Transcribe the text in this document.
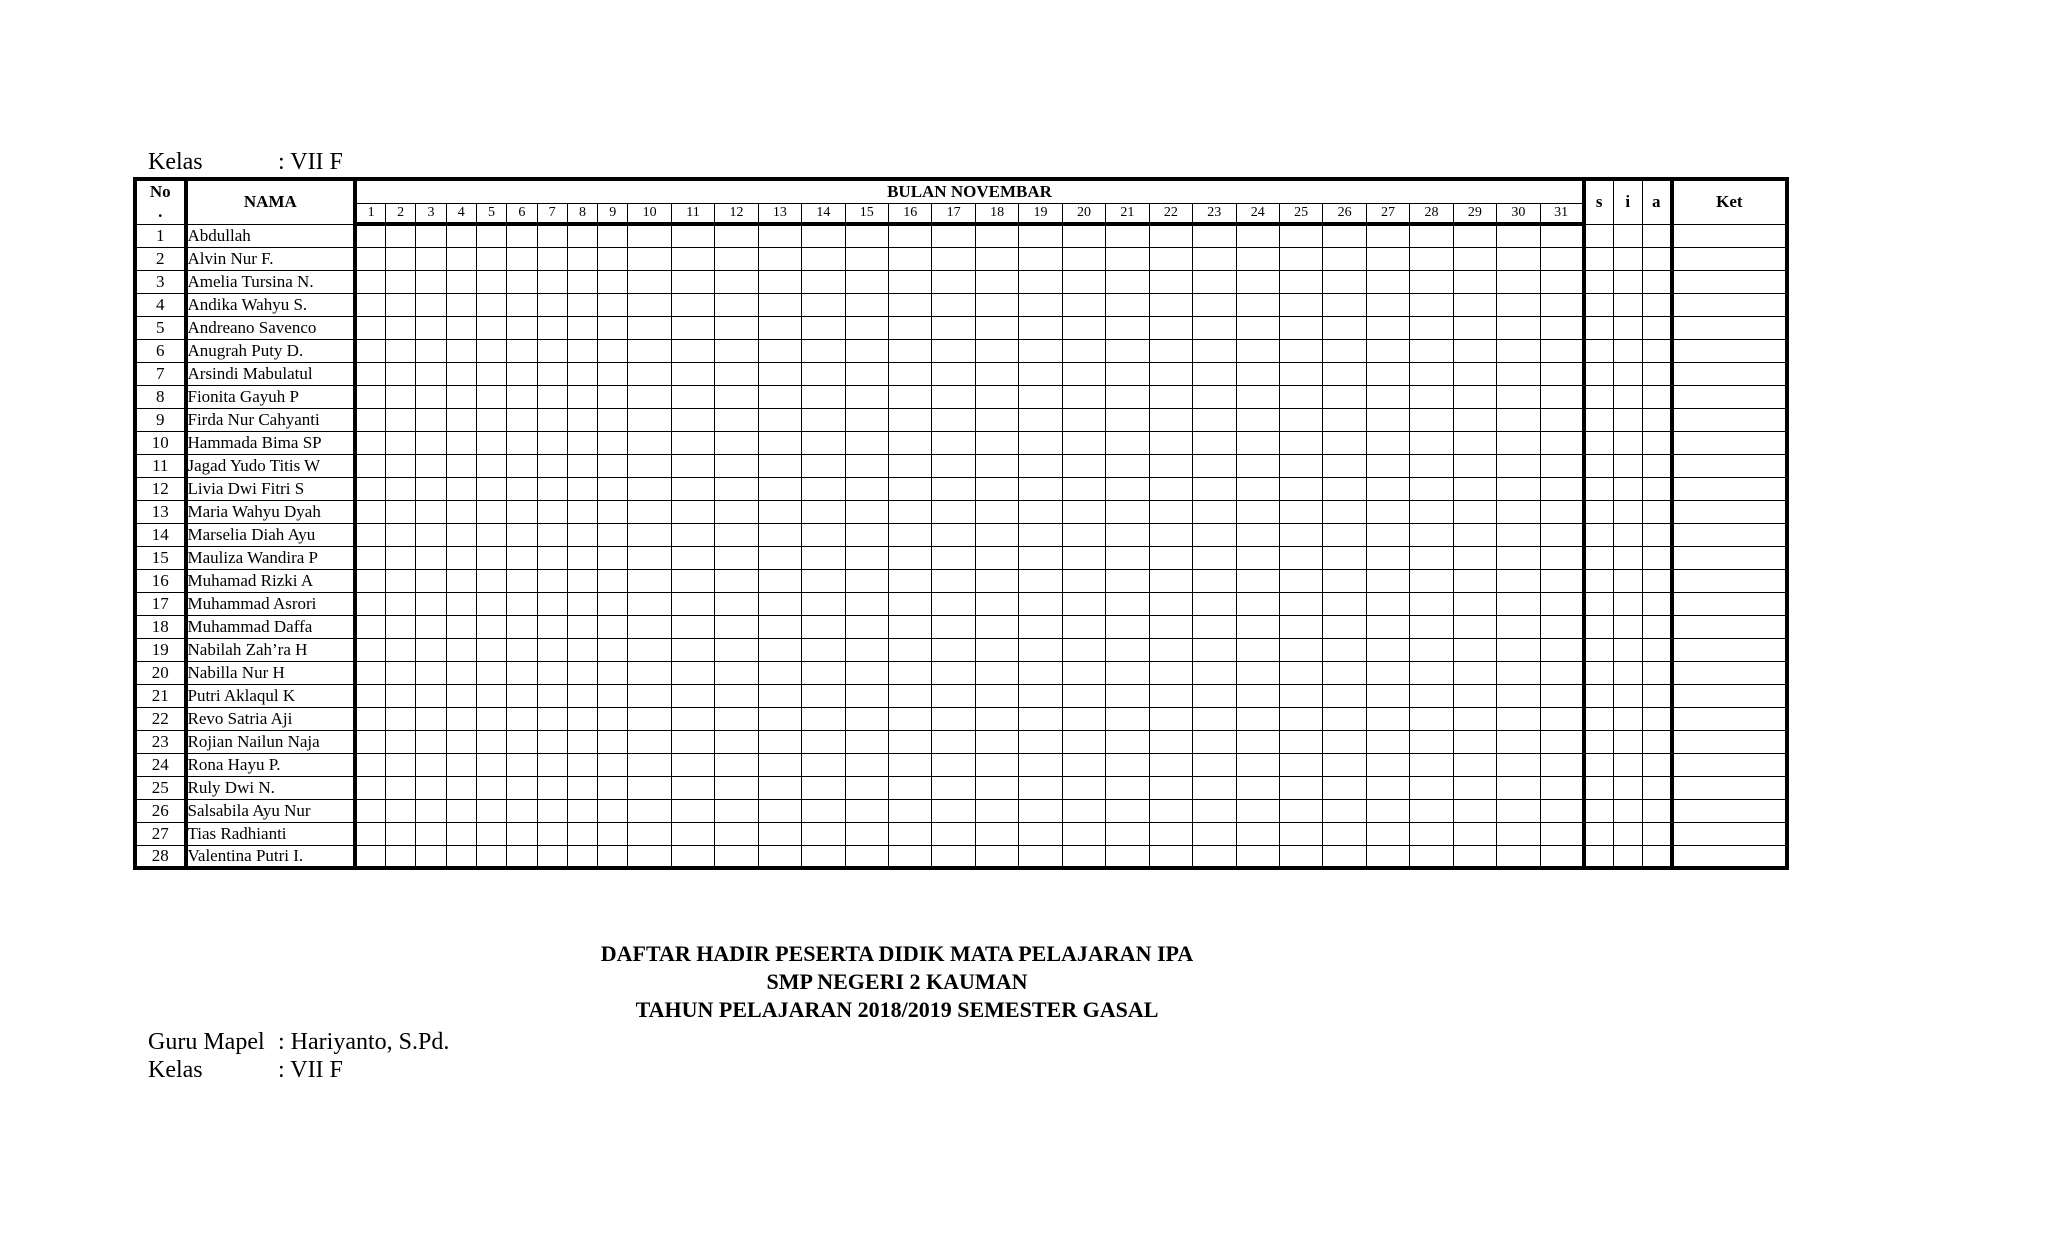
Kelas	: VII F
No
.	NAMA	BULAN NOVEMBAR																															s	i	a	Ket
		1	2	3	4	5	6	7	8	9	10	11	12	13	14	15	16	17	18	19	20	21	22	23	24	25	26	27	28	29	30	31				
1	Abdullah																																			
2	Alvin Nur F.																																			
3	Amelia Tursina N.																																			
4	Andika Wahyu S.																																			
5	Andreano Savenco																																			
6	Anugrah Puty D.																																			
7	Arsindi Mabulatul																																			
8	Fionita Gayuh P																																			
9	Firda Nur Cahyanti																																			
10	Hammada Bima SP																																			
11	Jagad Yudo Titis W																																			
12	Livia Dwi Fitri S																																			
13	Maria Wahyu Dyah																																			
14	Marselia Diah Ayu																																			
15	Mauliza Wandira P																																			
16	Muhamad Rizki A																																			
17	Muhammad Asrori																																			
18	Muhammad Daffa																																			
19	Nabilah Zah’ra H																																			
20	Nabilla Nur H																																			
21	Putri Aklaqul K																																			
22	Revo Satria Aji																																			
23	Rojian Nailun Naja																																			
24	Rona Hayu P.																																			
25	Ruly Dwi N.																																			
26	Salsabila Ayu Nur																																			
27	Tias Radhianti																																			
28	Valentina Putri I.																																			
DAFTAR HADIR PESERTA DIDIK MATA PELAJARAN IPA
SMP NEGERI 2 KAUMAN
TAHUN PELAJARAN 2018/2019 SEMESTER GASAL
Guru Mapel : Hariyanto, S.Pd.
Kelas	: VII F
